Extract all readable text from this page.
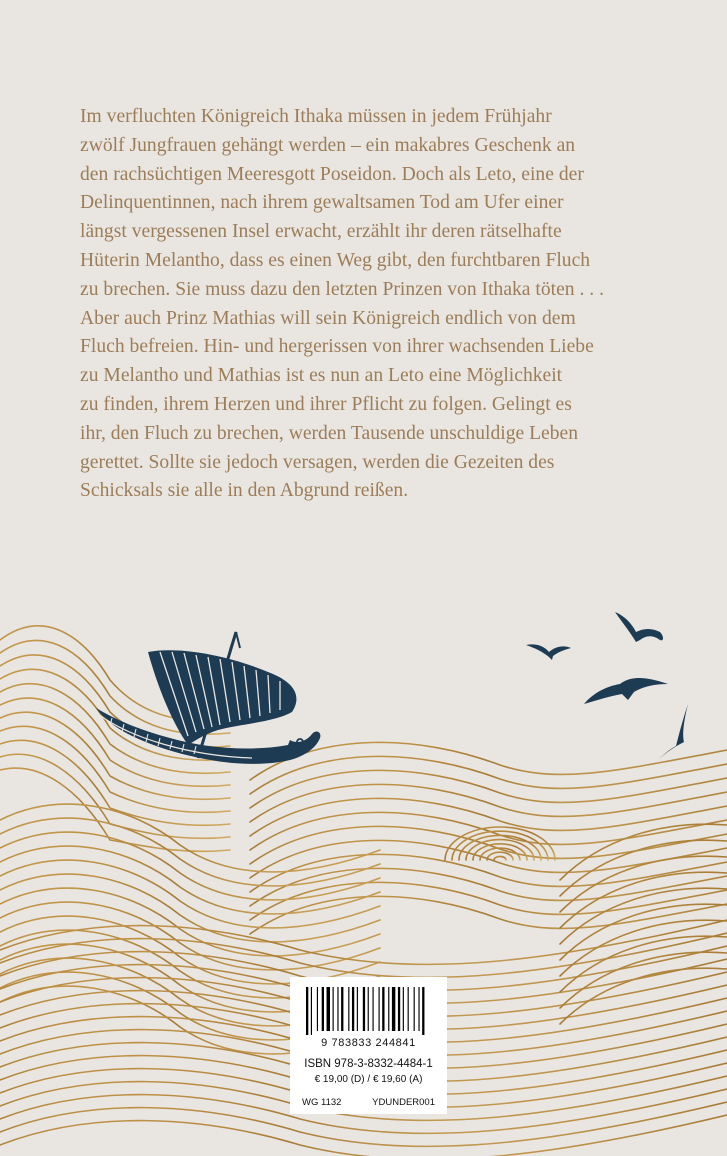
Im verfluchten Königreich Ithaka müssen in jedem Frühjahr
zwölf Jungfrauen gehängt werden – ein makabres Geschenk an
den rachsüchtigen Meeresgott Poseidon. Doch als Leto, eine der
Delinquentinnen, nach ihrem gewaltsamen Tod am Ufer einer
längst vergessenen Insel erwacht, erzählt ihr deren rätselhafte
Hüterin Melantho, dass es einen Weg gibt, den furchtbaren Fluch
zu brechen. Sie muss dazu den letzten Prinzen von Ithaka töten . . .
Aber auch Prinz Mathias will sein Königreich endlich von dem
Fluch befreien. Hin- und hergerissen von ihrer wachsenden Liebe
zu Melantho und Mathias ist es nun an Leto eine Möglichkeit
zu finden, ihrem Herzen und ihrer Pflicht zu folgen. Gelingt es
ihr, den Fluch zu brechen, werden Tausende unschuldige Leben
gerettet. Sollte sie jedoch versagen, werden die Gezeiten des
Schicksals sie alle in den Abgrund reißen.

9 783833 244841
ISBN 978-3-8332-4484-1
€ 19,00 (D) / € 19,60 (A)
WG 1132	YDUNDER001
